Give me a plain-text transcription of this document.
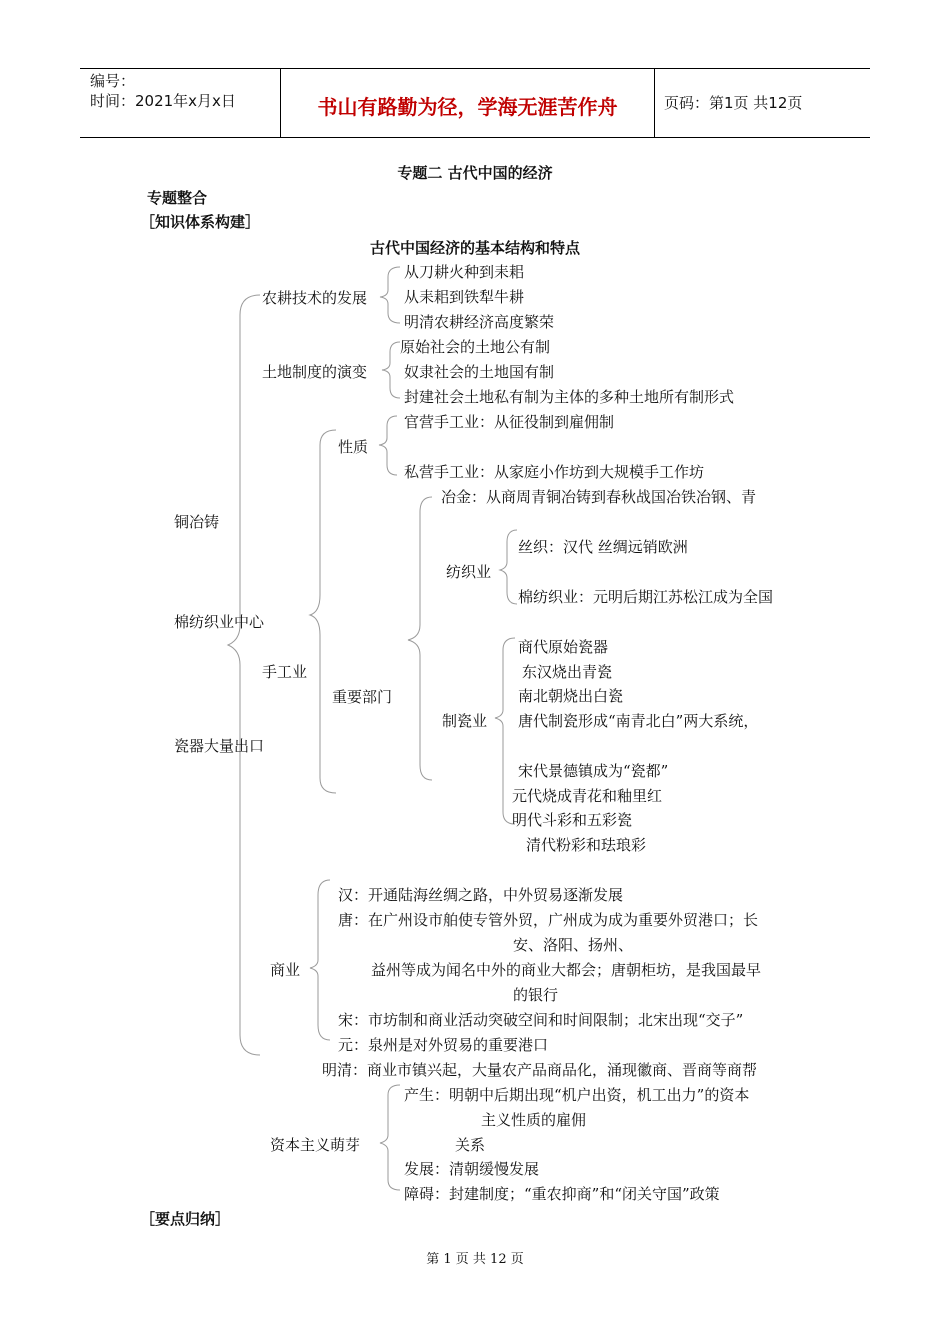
编号：
时间：2021年x月x日	书山有路勤为径，学海无涯苦作舟	页码：第1页 共12页
专题二 古代中国的经济
专题整合
［知识体系构建］
古代中国经济的基本结构和特点
农耕技术的发展
从刀耕火种到耒耜
从耒耜到铁犁牛耕
明清农耕经济高度繁荣
土地制度的演变
原始社会的土地公有制
奴隶社会的土地国有制
封建社会土地私有制为主体的多种土地所有制形式
性质
官营手工业：从征役制到雇佣制
私营手工业：从家庭小作坊到大规模手工作坊
冶金：从商周青铜冶铸到春秋战国冶铁冶钢、青
铜冶铸
纺织业
丝织：汉代 丝绸远销欧洲
棉纺织业：元明后期江苏松江成为全国
棉纺织业中心
手工业
重要部门
制瓷业
商代原始瓷器
东汉烧出青瓷
南北朝烧出白瓷
唐代制瓷形成“南青北白”两大系统，
瓷器大量出口
宋代景德镇成为“瓷都”
元代烧成青花和釉里红
明代斗彩和五彩瓷
清代粉彩和珐琅彩
汉：开通陆海丝绸之路，中外贸易逐渐发展
唐：在广州设市舶使专管外贸，广州成为成为重要外贸港口；长
安、洛阳、扬州、
商业	益州等成为闻名中外的商业大都会；唐朝柜坊，是我国最早
的银行
宋：市坊制和商业活动突破空间和时间限制；北宋出现“交子”
元：泉州是对外贸易的重要港口
明清：商业市镇兴起，大量农产品商品化，涌现徽商、晋商等商帮
产生：明朝中后期出现“机户出资，机工出力”的资本
主义性质的雇佣
资本主义萌芽	关系
发展：清朝缓慢发展
障碍：封建制度；“重农抑商”和“闭关守国”政策
［要点归纳］
第 1 页 共 12 页
